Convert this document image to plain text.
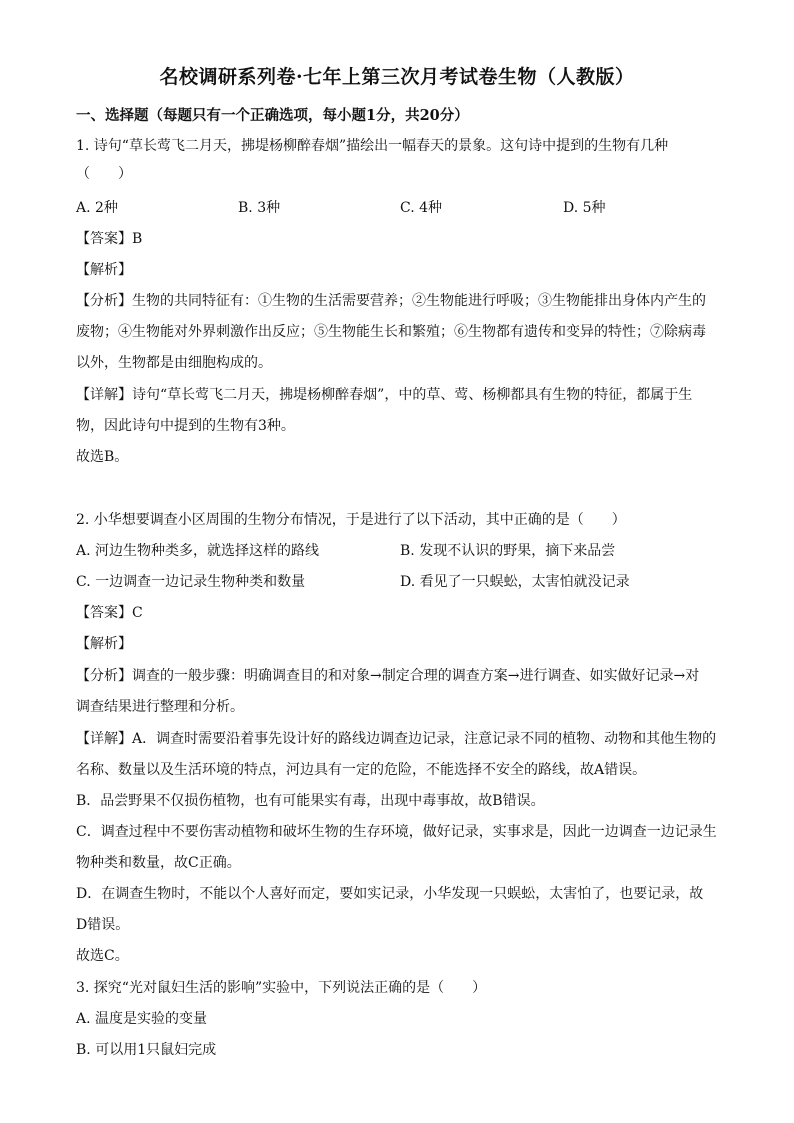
名校调研系列卷·七年上第三次月考试卷生物（人教版）
一、选择题（每题只有一个正确选项，每小题1分，共20分）
1. 诗句“草长莺飞二月天，拂堤杨柳醉春烟”描绘出一幅春天的景象。这句诗中提到的生物有几种
（　　）
A. 2种	B. 3种	C. 4种	D. 5种
【答案】B
【解析】
【分析】生物的共同特征有：①生物的生活需要营养；②生物能进行呼吸；③生物能排出身体内产生的
废物；④生物能对外界刺激作出反应；⑤生物能生长和繁殖；⑥生物都有遗传和变异的特性；⑦除病毒
以外，生物都是由细胞构成的。
【详解】诗句“草长莺飞二月天，拂堤杨柳醉春烟”，中的草、莺、杨柳都具有生物的特征，都属于生
物，因此诗句中提到的生物有3种。
故选B。
2. 小华想要调查小区周围的生物分布情况，于是进行了以下活动，其中正确的是（　　）
A. 河边生物种类多，就选择这样的路线	B. 发现不认识的野果，摘下来品尝
C. 一边调查一边记录生物种类和数量	D. 看见了一只蜈蚣，太害怕就没记录
【答案】C
【解析】
【分析】调查的一般步骤：明确调查目的和对象→制定合理的调查方案→进行调查、如实做好记录→对
调查结果进行整理和分析。
【详解】A．调查时需要沿着事先设计好的路线边调查边记录，注意记录不同的植物、动物和其他生物的
名称、数量以及生活环境的特点，河边具有一定的危险，不能选择不安全的路线，故A错误。
B．品尝野果不仅损伤植物，也有可能果实有毒，出现中毒事故，故B错误。
C．调查过程中不要伤害动植物和破坏生物的生存环境，做好记录，实事求是，因此一边调查一边记录生
物种类和数量，故C正确。
D．在调查生物时，不能以个人喜好而定，要如实记录，小华发现一只蜈蚣，太害怕了，也要记录，故
D错误。
故选C。
3. 探究“光对鼠妇生活的影响”实验中，下列说法正确的是（　　）
A. 温度是实验的变量
B. 可以用1只鼠妇完成
